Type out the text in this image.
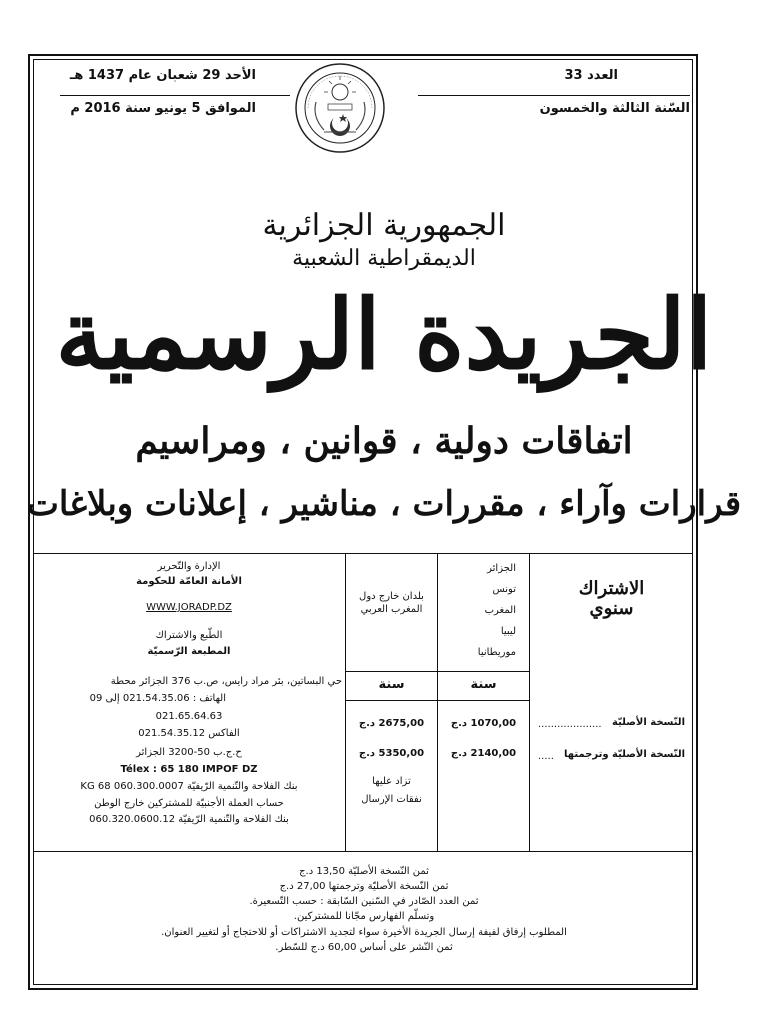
العدد 33
السّنة الثالثة والخمسون
الأحد 29 شعبان عام 1437 هـ
الموافق 5 يونيو سنة 2016 م
الجمهورية الجزائرية
الديمقراطية الشعبية
الجريدة الرسمية
اتفاقات دولية ، قوانين ، ومراسيم
قرارات وآراء ، مقررات ، مناشير ، إعلانات وبلاغات
الاشتراك
سنوي
النّسخة الأصليّة
....................
النّسخة الأصليّة وترجمتها
.....
الجزائر
تونس
المغرب
ليبيا
موريطانيا
سنة
1070,00 د.ج
2140,00 د.ج
بلدان خارج دول المغرب العربي
سنة
2675,00 د.ج
5350,00 د.ج
تزاد عليها
نفقات الإرسال
الإدارة والتّحرير
الأمانة العامّة للحكومة
WWW.JORADP.DZ
الطّبع والاشتراك
المطبعة الرّسميّة
حي البساتين، بئر مراد رايس، ص.ب 376 الجزائر محطة
الهاتف : 021.54.35.06 إلى 09
021.65.64.63
الفاكس 021.54.35.12
ح.ج.ب 50-3200 الجزائر
Télex : 65 180 IMPOF DZ
بنك الفلاحة والتّنمية الرّيفيّة 060.300.0007 68 KG
حساب العملة الأجنبيّة للمشتركين خارج الوطن
بنك الفلاحة والتّنمية الرّيفيّة 060.320.0600.12
ثمن النّسخة الأصليّة 13,50 د.ج
ثمن النّسخة الأصليّة وترجمتها 27,00 د.ج
ثمن العدد الصّادر في السّنين السّابقة : حسب التّسعيرة.
وتسلّم الفهارس مجّانا للمشتركين.
المطلوب إرفاق لفيفة إرسال الجريدة الأخيرة سواء لتجديد الاشتراكات أو للاحتجاج أو لتغيير العنوان.
ثمن النّشر على أساس 60,00 د.ج للسّطر.
